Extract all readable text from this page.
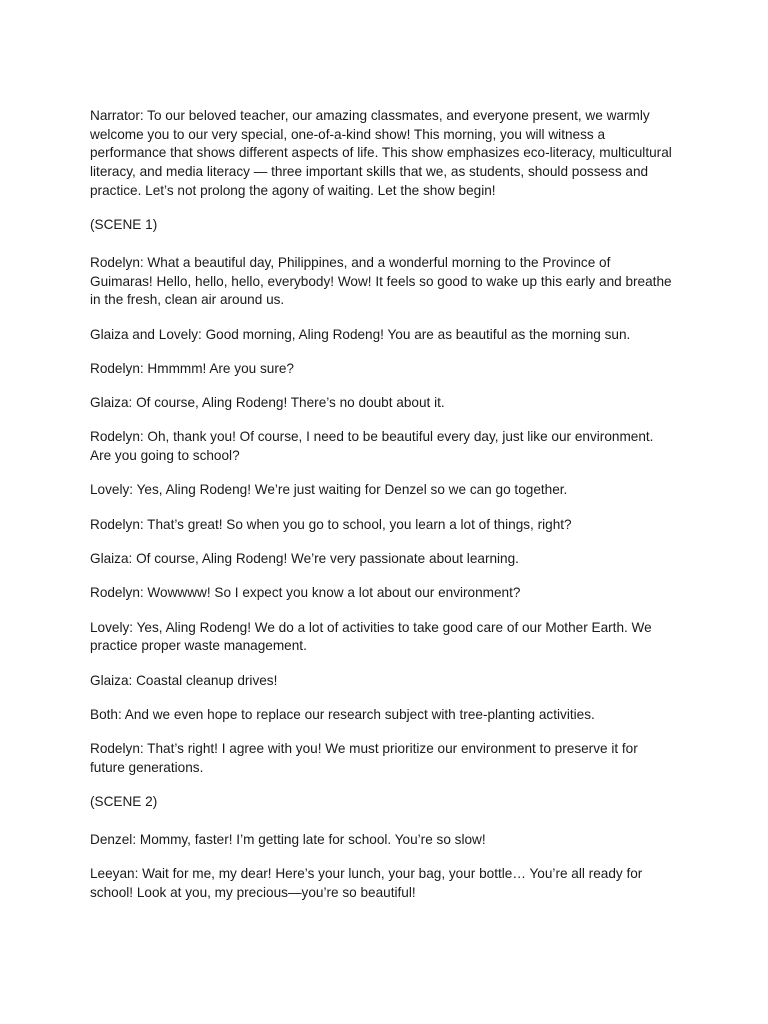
Narrator: To our beloved teacher, our amazing classmates, and everyone present, we warmly welcome you to our very special, one-of-a-kind show! This morning, you will witness a performance that shows different aspects of life. This show emphasizes eco-literacy, multicultural literacy, and media literacy — three important skills that we, as students, should possess and practice. Let’s not prolong the agony of waiting. Let the show begin!

(SCENE 1)

Rodelyn: What a beautiful day, Philippines, and a wonderful morning to the Province of Guimaras! Hello, hello, hello, everybody! Wow! It feels so good to wake up this early and breathe in the fresh, clean air around us.

Glaiza and Lovely: Good morning, Aling Rodeng! You are as beautiful as the morning sun.

Rodelyn: Hmmmm! Are you sure?

Glaiza: Of course, Aling Rodeng! There’s no doubt about it.

Rodelyn: Oh, thank you! Of course, I need to be beautiful every day, just like our environment. Are you going to school?

Lovely: Yes, Aling Rodeng! We’re just waiting for Denzel so we can go together.

Rodelyn: That’s great! So when you go to school, you learn a lot of things, right?

Glaiza: Of course, Aling Rodeng! We’re very passionate about learning.

Rodelyn: Wowwww! So I expect you know a lot about our environment?

Lovely: Yes, Aling Rodeng! We do a lot of activities to take good care of our Mother Earth. We practice proper waste management.

Glaiza: Coastal cleanup drives!

Both: And we even hope to replace our research subject with tree-planting activities.

Rodelyn: That’s right! I agree with you! We must prioritize our environment to preserve it for future generations.

(SCENE 2)

Denzel: Mommy, faster! I’m getting late for school. You’re so slow!

Leeyan: Wait for me, my dear! Here’s your lunch, your bag, your bottle… You’re all ready for school! Look at you, my precious—you’re so beautiful!
